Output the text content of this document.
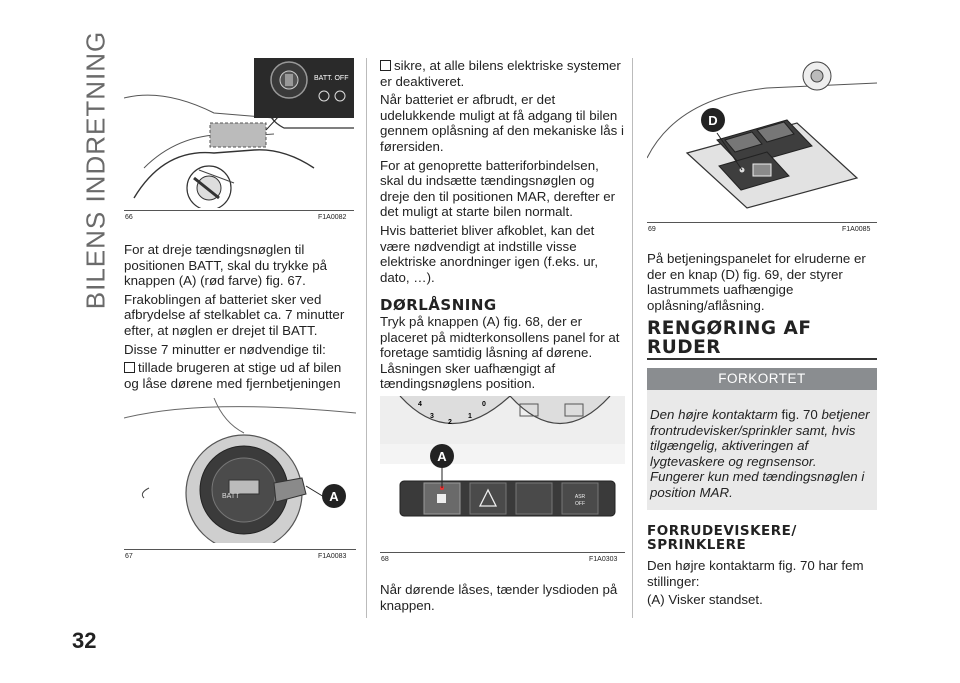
BILENS INDRETNING
32
BATT. OFF
66	F1A0082

For at dreje tændingsnøglen til positionen BATT, skal du trykke på knappen (A) (rød farve) fig. 67.

Frakoblingen af batteriet sker ved afbrydelse af stelkablet ca. 7 minutter efter, at nøglen er drejet til BATT.

Disse 7 minutter er nødvendige til:

tillade brugeren at stige ud af bilen og låse dørene med fjernbetjeningen

BATT	A
67	F1A0083

sikre, at alle bilens elektriske systemer er deaktiveret.

Når batteriet er afbrudt, er det udelukkende muligt at få adgang til bilen gennem oplåsning af den mekaniske lås i førersiden.

For at genoprette batteriforbindelsen, skal du indsætte tændingsnøglen og dreje den til positionen MAR, derefter er det muligt at starte bilen normalt.

Hvis batteriet bliver afkoblet, kan det være nødvendigt at indstille visse elektriske anordninger igen (f.eks. ur, dato, …).

DØRLÅSNING

Tryk på knappen (A) fig. 68, der er placeret på midterkonsollens panel for at foretage samtidig låsning af dørene. Låsningen sker uafhængigt af tændingsnøglens position.

4
3
2
1
0
ASR
OFF
A
68	F1A0303

Når dørende låses, tænder lysdioden på knappen.

D
69	F1A0085

På betjeningspanelet for elruderne er der en knap (D) fig. 69, der styrer lastrummets uafhængige oplåsning/aflåsning.

RENGØRING AF RUDER
FORKORTET
Den højre kontaktarm fig. 70 betjener frontrudevisker/sprinkler samt, hvis tilgængelig, aktiveringen af lygtevaskere og regnsensor. Fungerer kun med tændingsnøglen i position MAR.
FORRUDEVISKERE/ SPRINKLERE

Den højre kontaktarm fig. 70 har fem stillinger:

(A) Visker standset.
